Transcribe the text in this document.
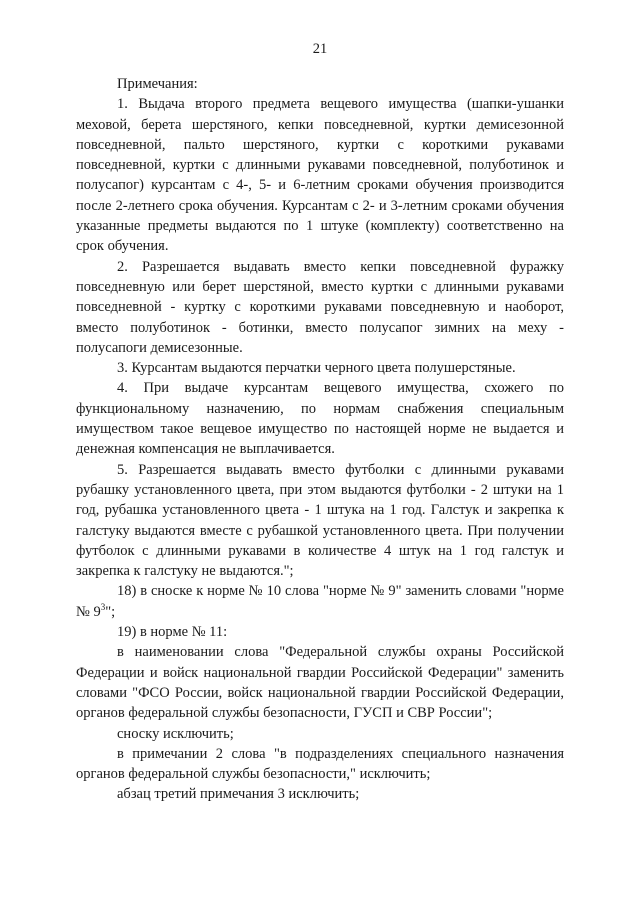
21

Примечания:

1. Выдача второго предмета вещевого имущества (шапки-ушанки меховой, берета шерстяного, кепки повседневной, куртки демисезонной повседневной, пальто шерстяного, куртки с короткими рукавами повседневной, куртки с длинными рукавами повседневной, полуботинок и полусапог) курсантам с 4-, 5- и 6-летним сроками обучения производится после 2-летнего срока обучения. Курсантам с 2- и 3-летним сроками обучения указанные предметы выдаются по 1 штуке (комплекту) соответственно на срок обучения.

2. Разрешается выдавать вместо кепки повседневной фуражку повседневную или берет шерстяной, вместо куртки с длинными рукавами повседневной - куртку с короткими рукавами повседневную и наоборот, вместо полуботинок - ботинки, вместо полусапог зимних на меху - полусапоги демисезонные.

3. Курсантам выдаются перчатки черного цвета полушерстяные.

4. При выдаче курсантам вещевого имущества, схожего по функциональному назначению, по нормам снабжения специальным имуществом такое вещевое имущество по настоящей норме не выдается и денежная компенсация не выплачивается.

5. Разрешается выдавать вместо футболки с длинными рукавами рубашку установленного цвета, при этом выдаются футболки - 2 штуки на 1 год, рубашка установленного цвета - 1 штука на 1 год. Галстук и закрепка к галстуку выдаются вместе с рубашкой установленного цвета. При получении футболок с длинными рукавами в количестве 4 штук на 1 год галстук и закрепка к галстуку не выдаются.";

18) в сноске к норме № 10 слова "норме № 9" заменить словами "норме № $9^3$";

19) в норме № 11:

в наименовании слова "Федеральной службы охраны Российской Федерации и войск национальной гвардии Российской Федерации" заменить словами "ФСО России, войск национальной гвардии Российской Федерации, органов федеральной службы безопасности, ГУСП и СВР России";

сноску исключить;

в примечании 2 слова "в подразделениях специального назначения органов федеральной службы безопасности," исключить;

абзац третий примечания 3 исключить;
